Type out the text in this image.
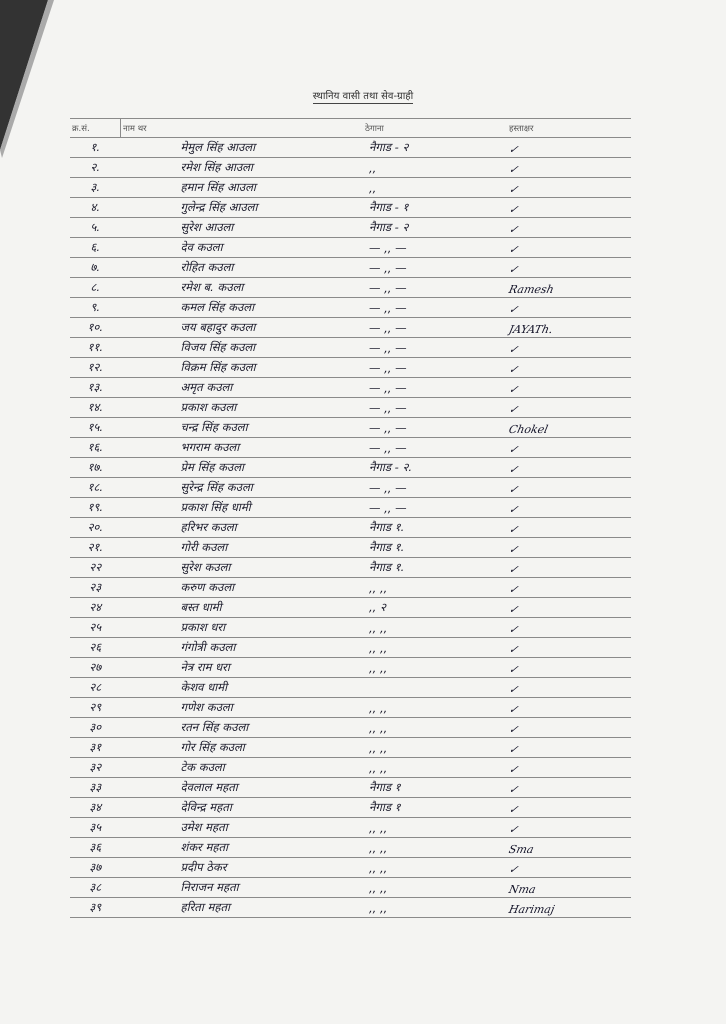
स्थानिय वासी तथा सेव-ग्राही
क्र.सं.	नाम थर	ठेगाना	हस्ताक्षर
१.	मेमुल सिंह आउला	नैगाड - २	✓
२.	रमेश सिंह आउला	,,	✓
३.	हमान सिंह आउला	,,	✓
४.	गुलेन्द्र सिंह आउला	नैगाड - १	✓
५.	सुरेश आउला	नैगाड - २	✓
६.	देव कउला	— ,, —	✓
७.	रोहित कउला	— ,, —	✓
८.	रमेश ब. कउला	— ,, —	Ramesh
९.	कमल सिंह कउला	— ,, —	✓
१०.	जय बहादुर कउला	— ,, —	JAYATh.
११.	विजय सिंह कउला	— ,, —	✓
१२.	विक्रम सिंह कउला	— ,, —	✓
१३.	अमृत कउला	— ,, —	✓
१४.	प्रकाश कउला	— ,, —	✓
१५.	चन्द्र सिंह कउला	— ,, —	Chokel
१६.	भगराम कउला	— ,, —	✓
१७.	प्रेम सिंह कउला	नैगाड - २.	✓
१८.	सुरेन्द्र सिंह कउला	— ,, —	✓
१९.	प्रकाश सिंह धामी	— ,, —	✓
२०.	हरिभर कउला	नैगाड १.	✓
२१.	गोरी कउला	नैगाड १.	✓
२२	सुरेश कउला	नैगाड १.	✓
२३	करुण कउला	,, ,,	✓
२४	बस्त धामी	,, २	✓
२५	प्रकाश धरा	,, ,,	✓
२६	गंगोत्री कउला	,, ,,	✓
२७	नेत्र राम धरा	,, ,,	✓
२८	केशव धामी		✓
२९	गणेश कउला	,, ,,	✓
३०	रतन सिंह कउला	,, ,,	✓
३१	गोर सिंह कउला	,, ,,	✓
३२	टेक कउला	,, ,,	✓
३३	देवलाल महता	नैगाड १	✓
३४	देविन्द्र महता	नैगाड १	✓
३५	उमेश महता	,, ,,	✓
३६	शंकर महता	,, ,,	Sma
३७	प्रदीप ठेकर	,, ,,	✓
३८	निराजन महता	,, ,,	Nma
३९	हरिता महता	,, ,,	Harimaj
